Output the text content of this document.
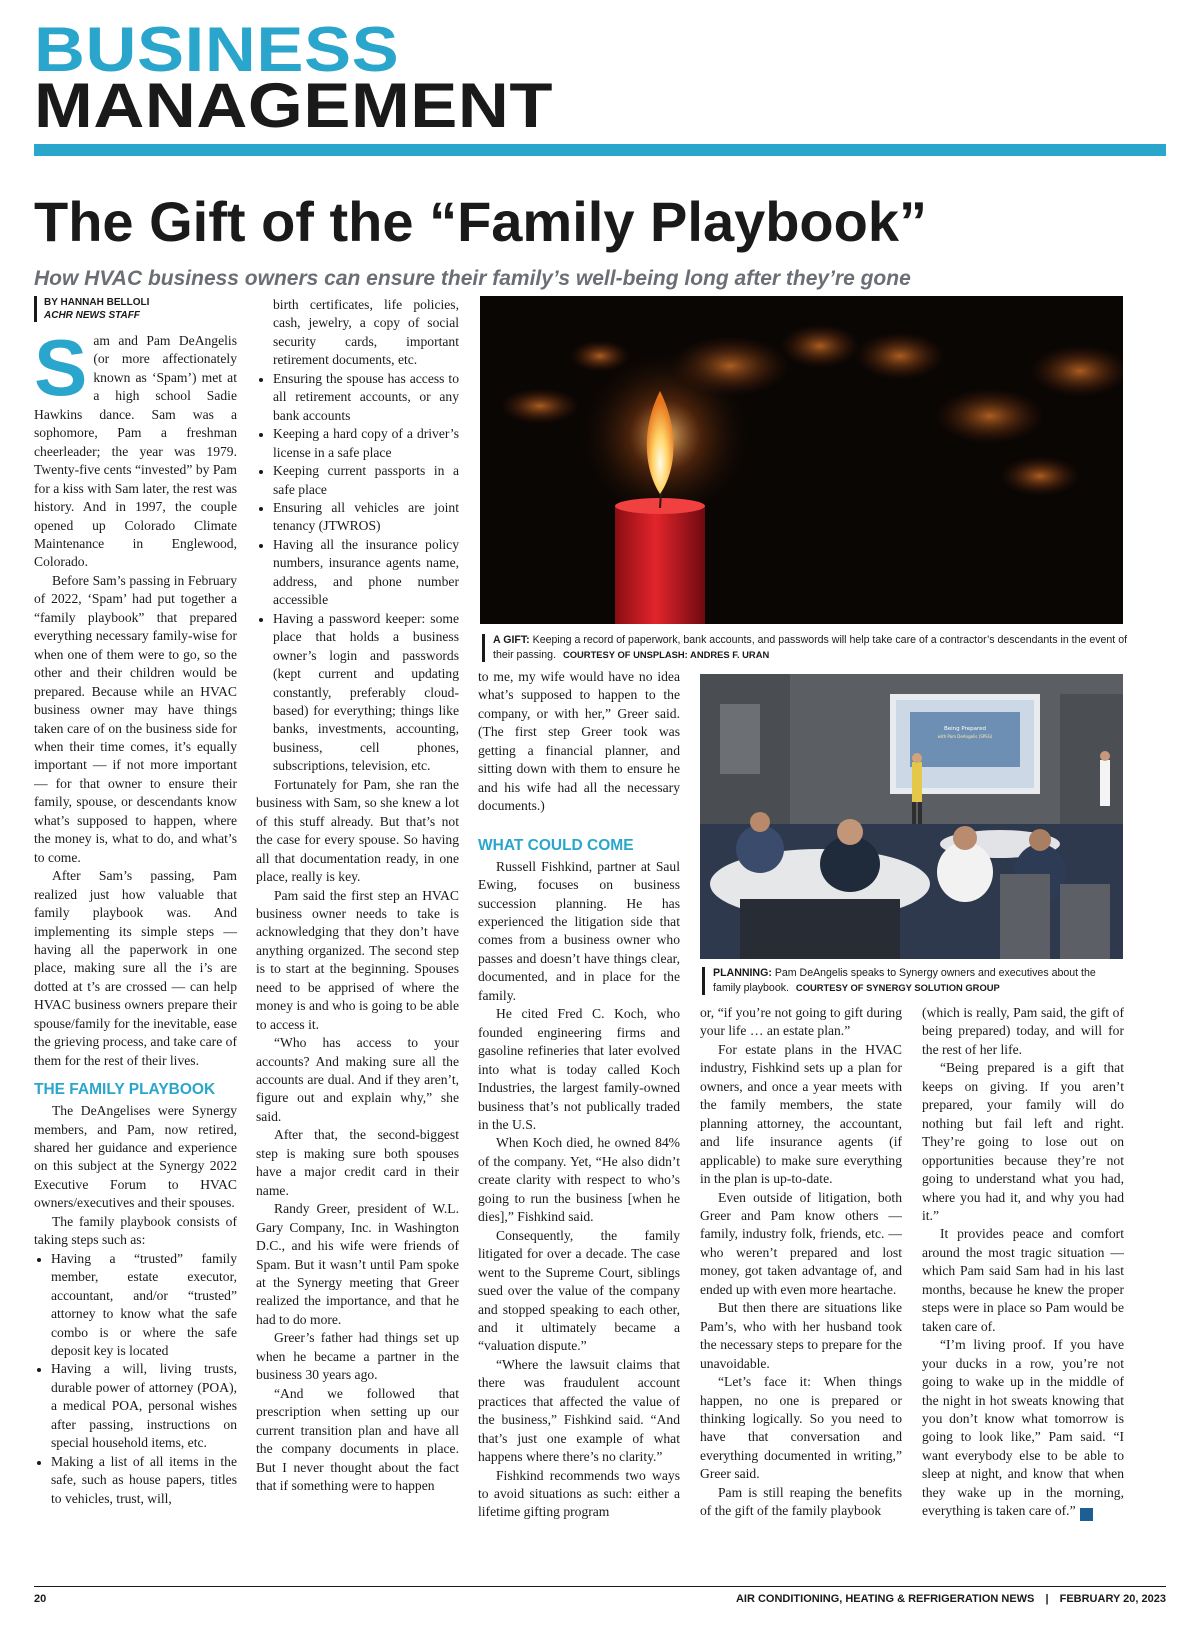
BUSINESS
MANAGEMENT
The Gift of the “Family Playbook”
How HVAC business owners can ensure their family’s well-being long after they’re gone
BY HANNAH BELLOLI
ACHR NEWS STAFF

Sam and Pam DeAngelis (or more affectionately known as ‘Spam’) met at a high school Sadie Hawkins dance. Sam was a sophomore, Pam a freshman cheerleader; the year was 1979. Twenty-five cents “invested” by Pam for a kiss with Sam later, the rest was history. And in 1997, the couple opened up Colorado Climate Maintenance in Englewood, Colorado.

Before Sam’s passing in February of 2022, ‘Spam’ had put together a “family playbook” that prepared everything necessary family-wise for when one of them were to go, so the other and their children would be prepared. Because while an HVAC business owner may have things taken care of on the business side for when their time comes, it’s equally important — if not more important — for that owner to ensure their family, spouse, or descendants know what’s supposed to happen, where the money is, what to do, and what’s to come.

After Sam’s passing, Pam realized just how valuable that family playbook was. And implementing its simple steps — having all the paperwork in one place, making sure all the i’s are dotted at t’s are crossed — can help HVAC business owners prepare their spouse/family for the inevitable, ease the grieving process, and take care of them for the rest of their lives.

THE FAMILY PLAYBOOK

The DeAngelises were Synergy members, and Pam, now retired, shared her guidance and experience on this subject at the Synergy 2022 Executive Forum to HVAC owners/executives and their spouses.

The family playbook consists of taking steps such as:

• Having a “trusted” family member, estate executor, accountant, and/or “trusted” attorney to know what the safe combo is or where the safe deposit key is located
• Having a will, living trusts, durable power of attorney (POA), a medical POA, personal wishes after passing, instructions on special household items, etc.
• Making a list of all items in the safe, such as house papers, titles to vehicles, trust, will,

birth certificates, life policies, cash, jewelry, a copy of social security cards, important retirement documents, etc.

• Ensuring the spouse has access to all retirement accounts, or any bank accounts
• Keeping a hard copy of a driver’s license in a safe place
• Keeping current passports in a safe place
• Ensuring all vehicles are joint tenancy (JTWROS)
• Having all the insurance policy numbers, insurance agents name, address, and phone number accessible
• Having a password keeper: some place that holds a business owner’s login and passwords (kept current and updating constantly, preferably cloud-based) for everything; things like banks, investments, accounting, business, cell phones, subscriptions, television, etc.

Fortunately for Pam, she ran the business with Sam, so she knew a lot of this stuff already. But that’s not the case for every spouse. So having all that documentation ready, in one place, really is key.

Pam said the first step an HVAC business owner needs to take is acknowledging that they don’t have anything organized. The second step is to start at the beginning. Spouses need to be apprised of where the money is and who is going to be able to access it.

“Who has access to your accounts? And making sure all the accounts are dual. And if they aren’t, figure out and explain why,” she said.

After that, the second-biggest step is making sure both spouses have a major credit card in their name.

Randy Greer, president of W.L. Gary Company, Inc. in Washington D.C., and his wife were friends of Spam. But it wasn’t until Pam spoke at the Synergy meeting that Greer realized the importance, and that he had to do more.

Greer’s father had things set up when he became a partner in the business 30 years ago.

“And we followed that prescription when setting up our current transition plan and have all the company documents in place. But I never thought about the fact that if something were to happen

A GIFT: Keeping a record of paperwork, bank accounts, and passwords will help take care of a contractor’s descendants in the event of their passing. COURTESY OF UNSPLASH: ANDRES F. URAN

to me, my wife would have no idea what’s supposed to happen to the company, or with her,” Greer said. (The first step Greer took was getting a financial planner, and sitting down with them to ensure he and his wife had all the necessary documents.)

WHAT COULD COME

Russell Fishkind, partner at Saul Ewing, focuses on business succession planning. He has experienced the litigation side that comes from a business owner who passes and doesn’t have things clear, documented, and in place for the family.

He cited Fred C. Koch, who founded engineering firms and gasoline refineries that later evolved into what is today called Koch Industries, the largest family-owned business that’s not publically traded in the U.S.

When Koch died, he owned 84% of the company. Yet, “He also didn’t create clarity with respect to who’s going to run the business [when he dies],” Fishkind said.

Consequently, the family litigated for over a decade. The case went to the Supreme Court, siblings sued over the value of the company and stopped speaking to each other, and it ultimately became a “valuation dispute.”

“Where the lawsuit claims that there was fraudulent account practices that affected the value of the business,” Fishkind said. “And that’s just one example of what happens where there’s no clarity.”

Fishkind recommends two ways to avoid situations as such: either a lifetime gifting program

Being Prepared
with Pam DeAngelis (SPSG)
PLANNING: Pam DeAngelis speaks to Synergy owners and executives about the family playbook. COURTESY OF SYNERGY SOLUTION GROUP

or, “if you’re not going to gift during your life … an estate plan.”

For estate plans in the HVAC industry, Fishkind sets up a plan for owners, and once a year meets with the family members, the state planning attorney, the accountant, and life insurance agents (if applicable) to make sure everything in the plan is up-to-date.

Even outside of litigation, both Greer and Pam know others — family, industry folk, friends, etc. — who weren’t prepared and lost money, got taken advantage of, and ended up with even more heartache.

But then there are situations like Pam’s, who with her husband took the necessary steps to prepare for the unavoidable.

“Let’s face it: When things happen, no one is prepared or thinking logically. So you need to have that conversation and everything documented in writing,” Greer said.

Pam is still reaping the benefits of the gift of the family playbook

(which is really, Pam said, the gift of being prepared) today, and will for the rest of her life.

“Being prepared is a gift that keeps on giving. If you aren’t prepared, your family will do nothing but fail left and right. They’re going to lose out on opportunities because they’re not going to understand what you had, where you had it, and why you had it.”

It provides peace and comfort around the most tragic situation — which Pam said Sam had in his last months, because he knew the proper steps were in place so Pam would be taken care of.

“I’m living proof. If you have your ducks in a row, you’re not going to wake up in the middle of the night in hot sweats knowing that you don’t know what tomorrow is going to look like,” Pam said. “I want everybody else to be able to sleep at night, and know that when they wake up in the morning, everything is taken care of.” N

20	AIR CONDITIONING, HEATING & REFRIGERATION NEWS | FEBRUARY 20, 2023
